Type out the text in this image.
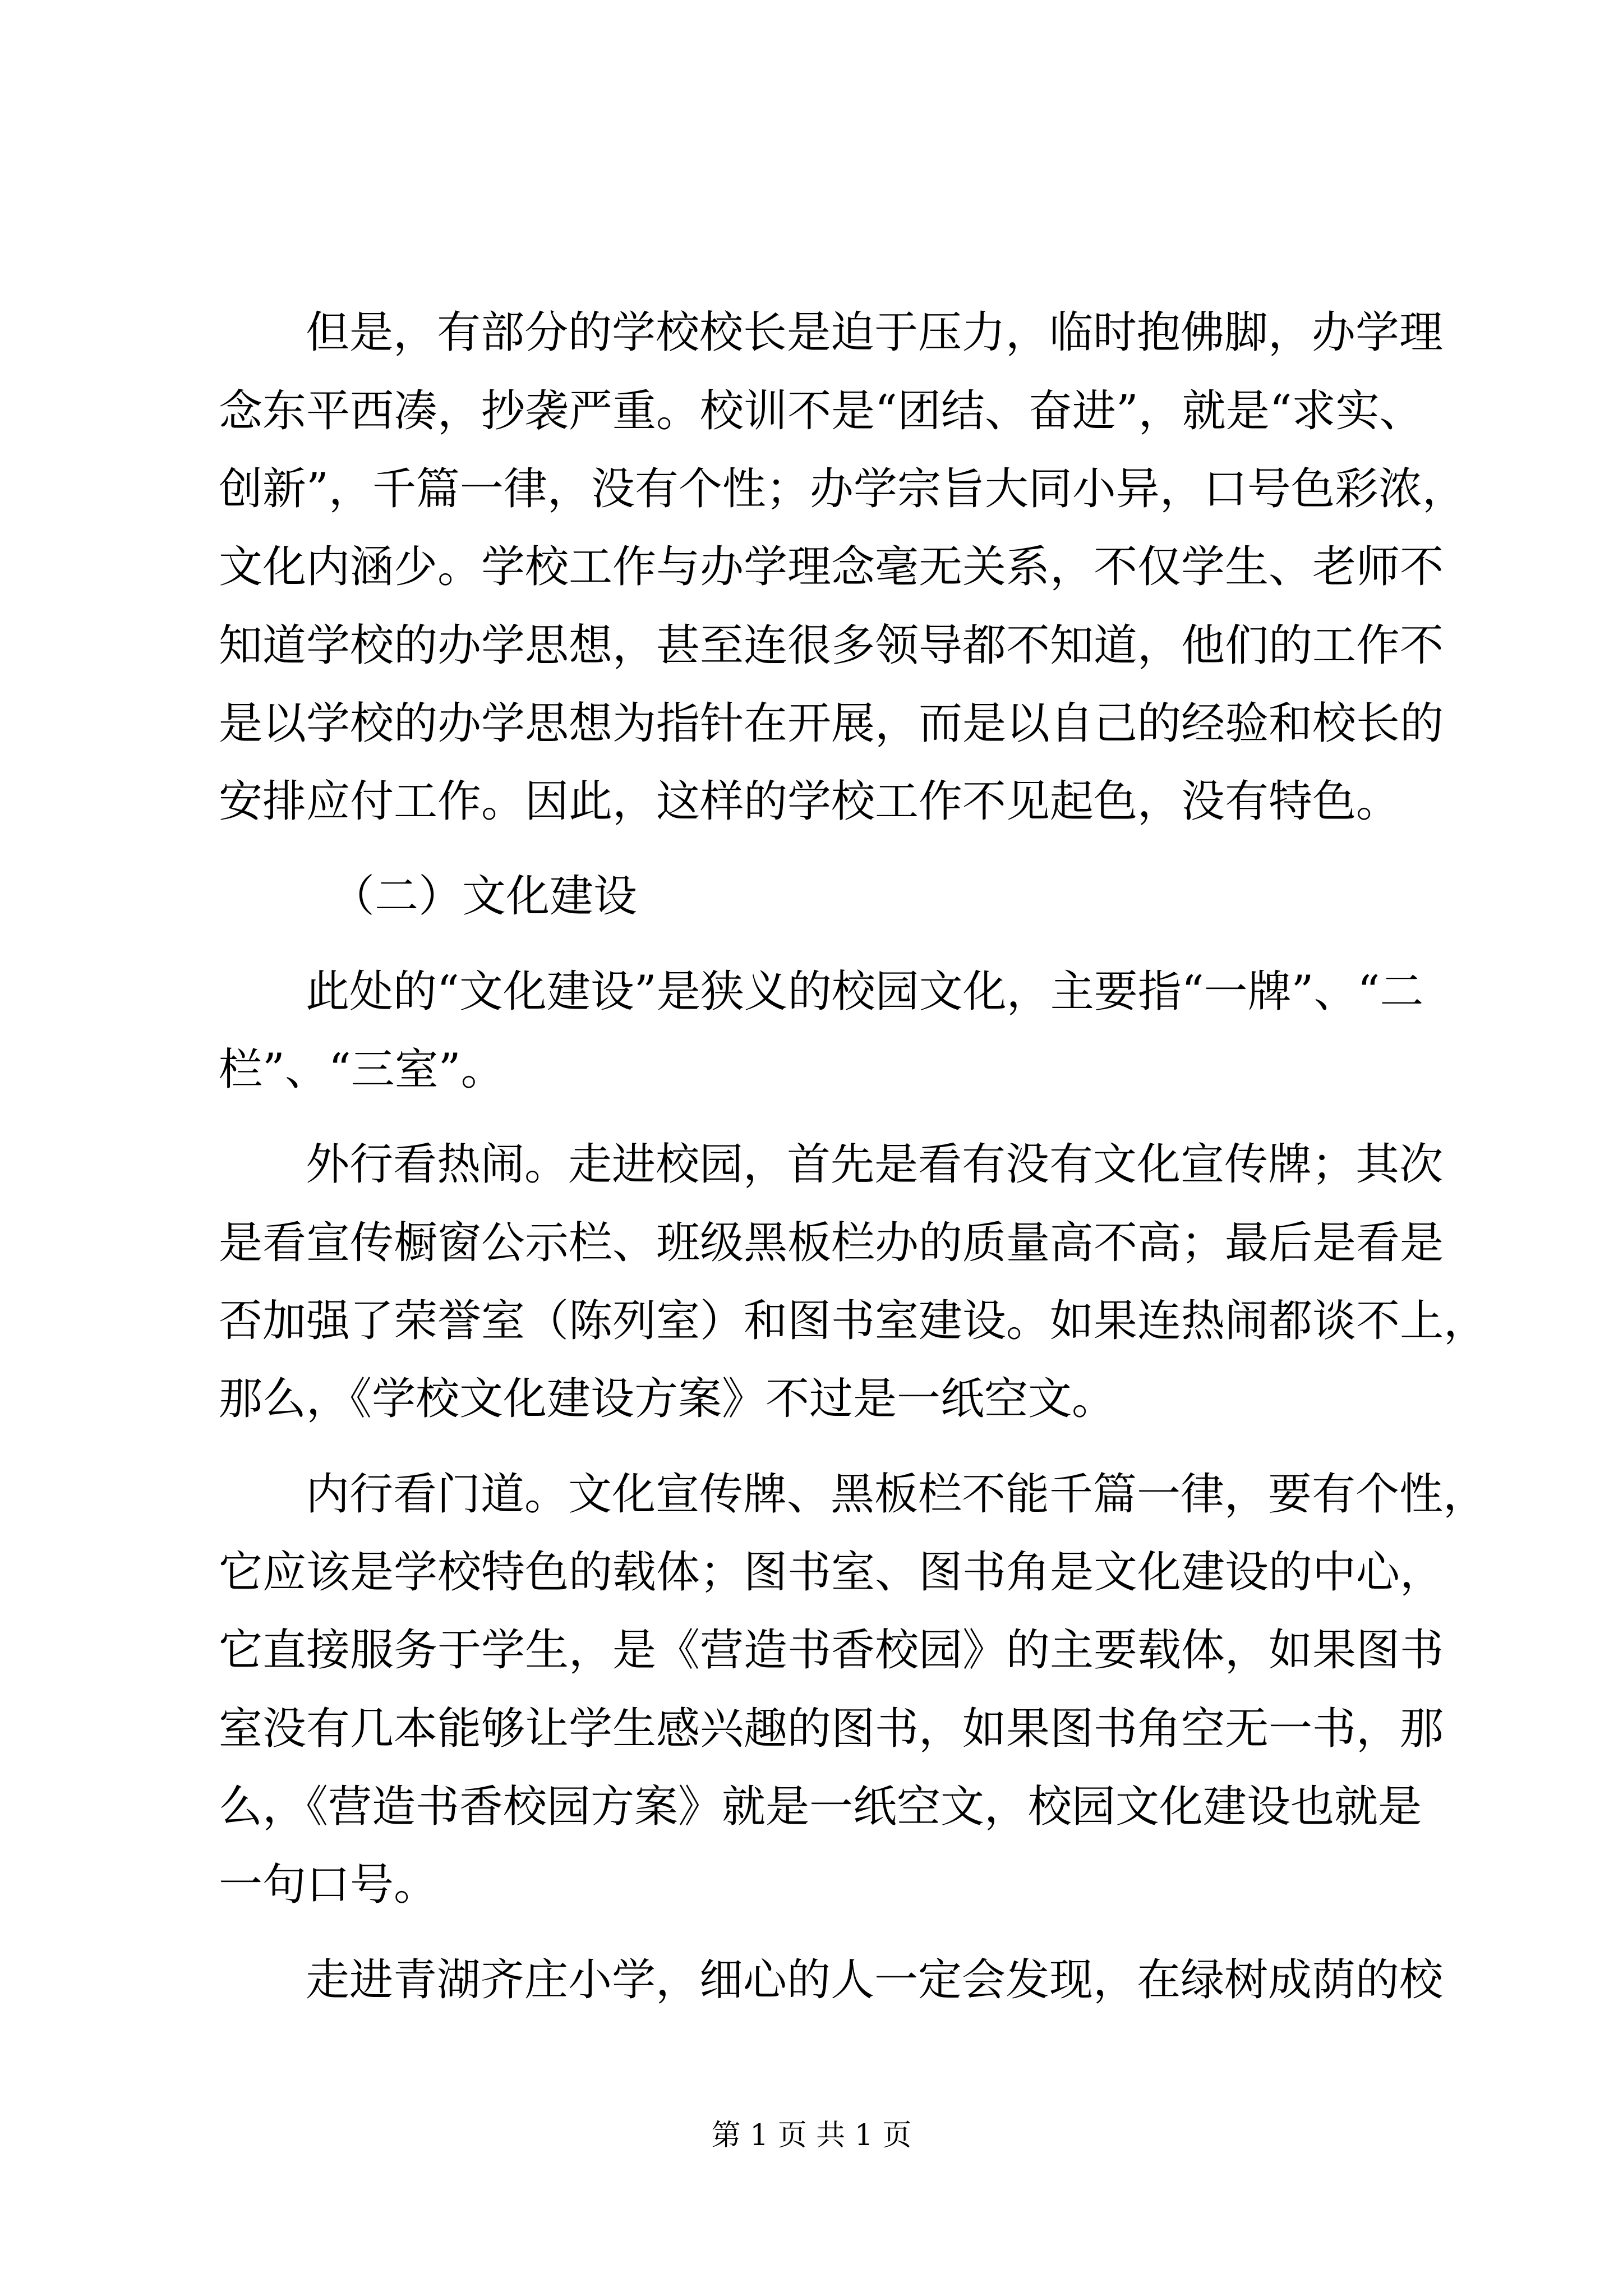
但是，有部分的学校校长是迫于压力，临时抱佛脚，办学理
念东平西凑，抄袭严重。校训不是“团结、奋进”，就是“求实、
创新”，千篇一律，没有个性；办学宗旨大同小异，口号色彩浓，
文化内涵少。学校工作与办学理念毫无关系，不仅学生、老师不
知道学校的办学思想，甚至连很多领导都不知道，他们的工作不
是以学校的办学思想为指针在开展，而是以自己的经验和校长的
安排应付工作。因此，这样的学校工作不见起色，没有特色。
（二）文化建设
此处的“文化建设”是狭义的校园文化，主要指“一牌”、“二
栏”、“三室”。
外行看热闹。走进校园，首先是看有没有文化宣传牌；其次
是看宣传橱窗公示栏、班级黑板栏办的质量高不高；最后是看是
否加强了荣誉室（陈列室）和图书室建设。如果连热闹都谈不上，
那么，《学校文化建设方案》不过是一纸空文。
内行看门道。文化宣传牌、黑板栏不能千篇一律，要有个性，
它应该是学校特色的载体；图书室、图书角是文化建设的中心，
它直接服务于学生，是《营造书香校园》的主要载体，如果图书
室没有几本能够让学生感兴趣的图书，如果图书角空无一书，那
么，《营造书香校园方案》就是一纸空文，校园文化建设也就是
一句口号。
走进青湖齐庄小学，细心的人一定会发现，在绿树成荫的校
第 1 页 共 1 页
